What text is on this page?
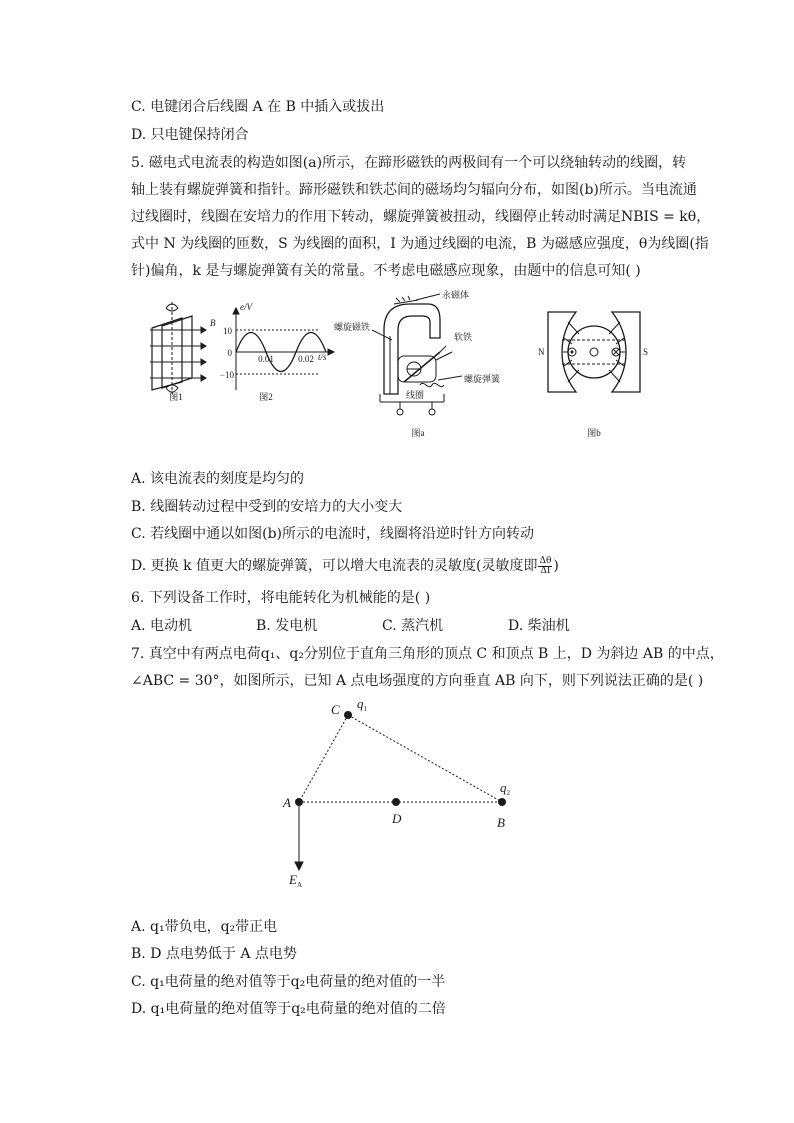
C. 电键闭合后线圈 A 在 B 中插入或拔出
D. 只电键保持闭合
5. 磁电式电流表的构造如图(a)所示，在蹄形磁铁的两极间有一个可以绕轴转动的线圈，转
轴上装有螺旋弹簧和指针。蹄形磁铁和铁芯间的磁场均匀辐向分布，如图(b)所示。当电流通
过线圈时，线圈在安培力的作用下转动，螺旋弹簧被扭动，线圈停止转动时满足NBIS = kθ，
式中 N 为线圈的匝数，S 为线圈的面积，I 为通过线圈的电流，B 为磁感应强度，θ为线圈(指
针)偏角，k 是与螺旋弹簧有关的常量。不考虑电磁感应现象，由题中的信息可知( )
B
图1
e/V
t/s
10
−10
0
0.01	0.02
图2
永磁体
螺旋磁铁
软铁
螺旋弹簧
线圈
图a
N	S
图b
A. 该电流表的刻度是均匀的
B. 线圈转动过程中受到的安培力的大小变大
C. 若线圈中通以如图(b)所示的电流时，线圈将沿逆时针方向转动
D. 更换 k 值更大的螺旋弹簧，可以增大电流表的灵敏度(灵敏度即 $\frac{\Delta\theta}{\Delta I}$ )
6. 下列设备工作时，将电能转化为机械能的是( )
A. 电动机	B. 发电机	C. 蒸汽机	D. 柴油机
7. 真空中有两点电荷q₁、q₂分别位于直角三角形的顶点 C 和顶点 B 上，D 为斜边 AB 的中点，
∠ABC = 30°，如图所示，已知 A 点电场强度的方向垂直 AB 向下，则下列说法正确的是( )
C $q_1$
A
D	B
$q_2$
$E_A$
A. q₁带负电，q₂带正电
B. D 点电势低于 A 点电势
C. q₁电荷量的绝对值等于q₂电荷量的绝对值的一半
D. q₁电荷量的绝对值等于q₂电荷量的绝对值的二倍
